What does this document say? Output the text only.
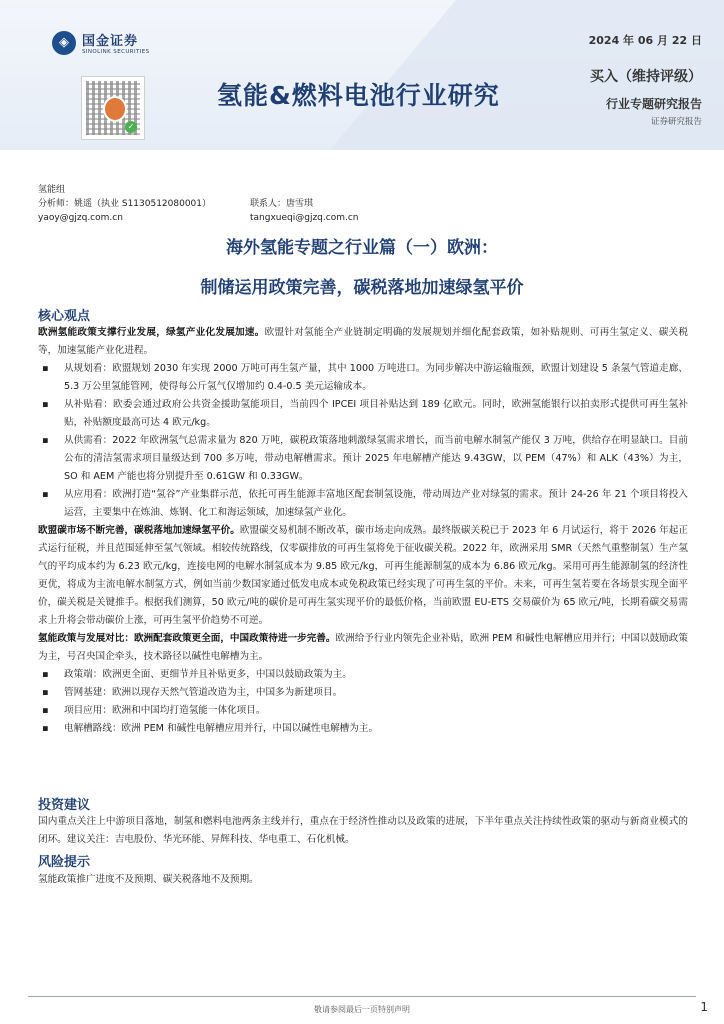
◈	国金证券
SINOLINK SECURITIES
✓
2024 年 06 月 22 日
氢能&燃料电池行业研究
买入（维持评级）
行业专题研究报告
证券研究报告
氢能组
分析师：姚遥（执业 S1130512080001）	联系人：唐雪琪
yaoy@gjzq.com.cn	tangxueqi@gjzq.com.cn
海外氢能专题之行业篇（一）欧洲：
制储运用政策完善，碳税落地加速绿氢平价
核心观点

欧洲氢能政策支撑行业发展，绿氢产业化发展加速。欧盟针对氢能全产业链制定明确的发展规划并细化配套政策，如补贴规则、可再生氢定义、碳关税等，加速氢能产业化进程。

▪ 从规划看：欧盟规划 2030 年实现 2000 万吨可再生氢产量，其中 1000 万吨进口。为同步解决中游运输瓶颈，欧盟计划建设 5 条氢气管道走廊、5.3 万公里氢能管网，使得每公斤氢气仅增加约 0.4-0.5 美元运输成本。

▪ 从补贴看：欧委会通过政府公共资金援助氢能项目，当前四个 IPCEI 项目补贴达到 189 亿欧元。同时，欧洲氢能银行以拍卖形式提供可再生氢补贴，补贴额度最高可达 4 欧元/kg。

▪ 从供需看：2022 年欧洲氢气总需求量为 820 万吨，碳税政策落地刺激绿氢需求增长，而当前电解水制氢产能仅 3 万吨，供给存在明显缺口。目前公布的清洁氢需求项目量级达到 700 多万吨，带动电解槽需求。预计 2025 年电解槽产能达 9.43GW，以 PEM（47%）和 ALK（43%）为主，SO 和 AEM 产能也将分别提升至 0.61GW 和 0.33GW。

▪ 从应用看：欧洲打造“氢谷”产业集群示范，依托可再生能源丰富地区配套制氢设施，带动周边产业对绿氢的需求。预计 24-26 年 21 个项目将投入运营，主要集中在炼油、炼钢、化工和海运领域，加速绿氢产业化。

欧盟碳市场不断完善，碳税落地加速绿氢平价。欧盟碳交易机制不断改革，碳市场走向成熟。最终版碳关税已于 2023 年 6 月试运行，将于 2026 年起正式运行征税，并且范围延伸至氢气领域。相较传统路线，仅零碳排放的可再生氢将免于征收碳关税。2022 年，欧洲采用 SMR（天然气重整制氢）生产氢气的平均成本约为 6.23 欧元/kg，连接电网的电解水制氢成本为 9.85 欧元/kg，可再生能源制氢的成本为 6.86 欧元/kg。采用可再生能源制氢的经济性更优，将成为主流电解水制氢方式，例如当前少数国家通过低发电成本或免税政策已经实现了可再生氢的平价。未来，可再生氢若要在各场景实现全面平价，碳关税是关键推手。根据我们测算，50 欧元/吨的碳价是可再生氢实现平价的最低价格，当前欧盟 EU-ETS 交易碳价为 65 欧元/吨，长期看碳交易需求上升将会带动碳价上涨，可再生氢平价趋势不可逆。

氢能政策与发展对比：欧洲配套政策更全面，中国政策待进一步完善。欧洲给予行业内领先企业补贴，欧洲 PEM 和碱性电解槽应用并行；中国以鼓励政策为主，号召央国企牵头，技术路径以碱性电解槽为主。

▪ 政策端：欧洲更全面、更细节并且补贴更多，中国以鼓励政策为主。

▪ 管网基建：欧洲以现存天然气管道改造为主，中国多为新建项目。

▪ 项目应用：欧洲和中国均打造氢能一体化项目。

▪ 电解槽路线：欧洲 PEM 和碱性电解槽应用并行，中国以碱性电解槽为主。

投资建议

国内重点关注上中游项目落地，制氢和燃料电池两条主线并行，重点在于经济性推动以及政策的进展，下半年重点关注持续性政策的驱动与新商业模式的闭环。建议关注：吉电股份、华光环能、昇辉科技、华电重工、石化机械。

风险提示

氢能政策推广进度不及预期、碳关税落地不及预期。

敬请参阅最后一页特别声明	1
